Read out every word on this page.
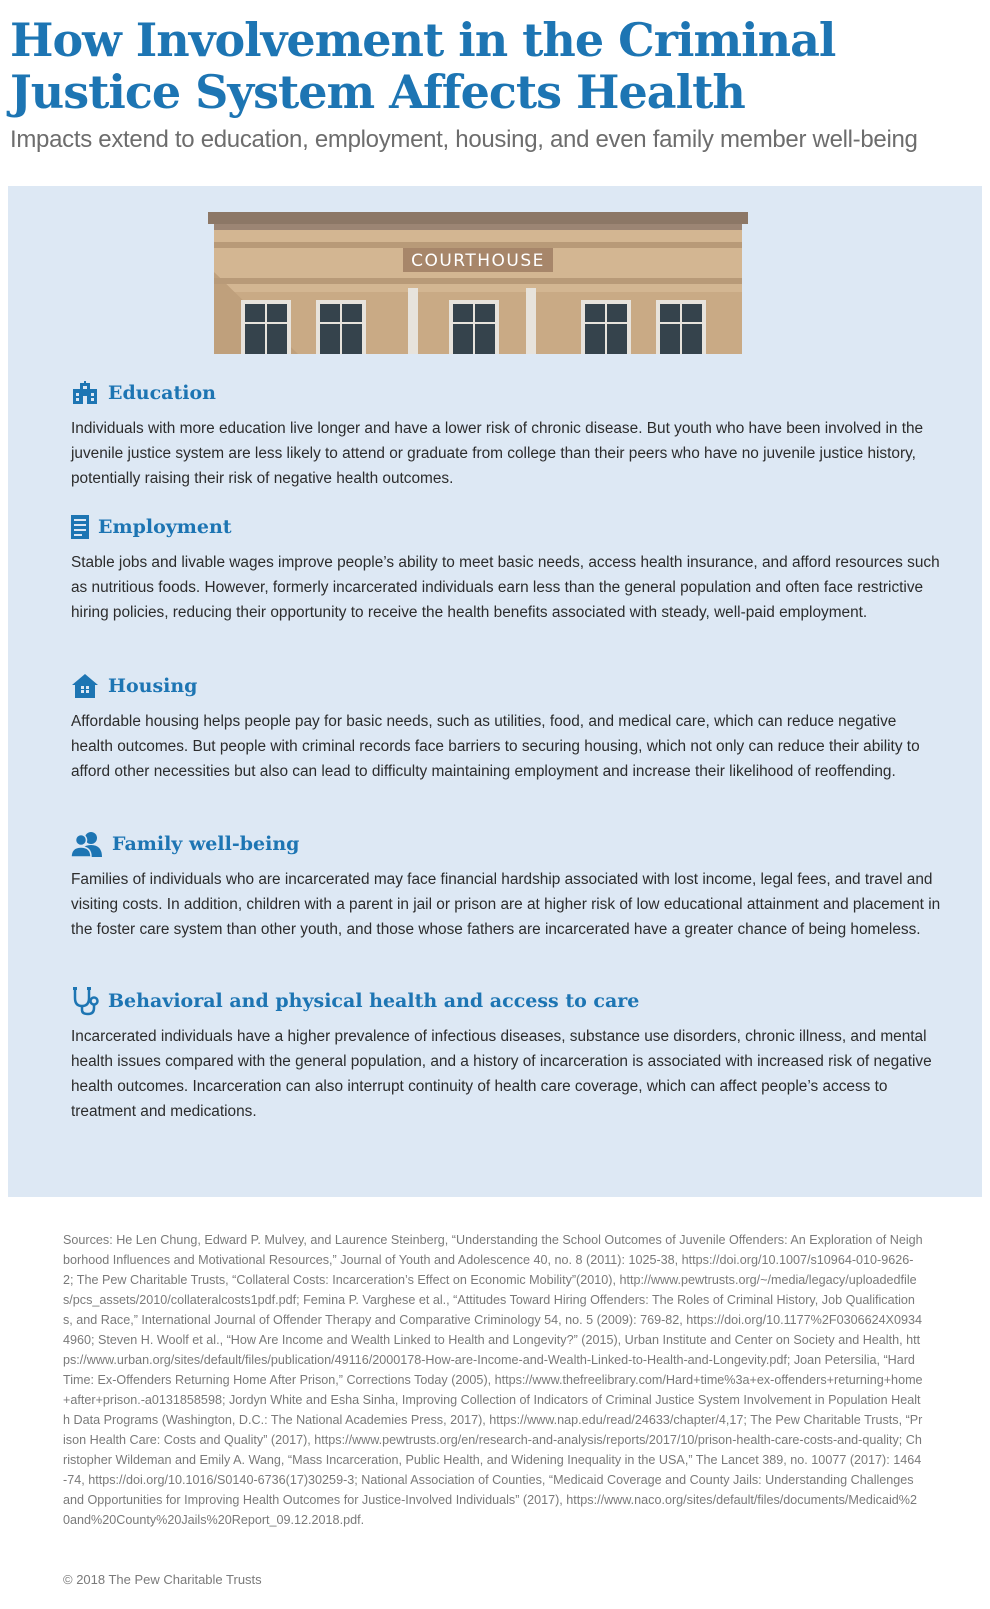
How Involvement in the Criminal Justice System Affects Health

Impacts extend to education, employment, housing, and even family member well-being

COURTHOUSE
Education
Individuals with more education live longer and have a lower risk of chronic disease. But youth who have been involved in the juvenile justice system are less likely to attend or graduate from college than their peers who have no juvenile justice history, potentially raising their risk of negative health outcomes.
Employment
Stable jobs and livable wages improve people’s ability to meet basic needs, access health insurance, and afford resources such as nutritious foods. However, formerly incarcerated individuals earn less than the general population and often face restrictive hiring policies, reducing their opportunity to receive the health benefits associated with steady, well-paid employment.
Housing
Affordable housing helps people pay for basic needs, such as utilities, food, and medical care, which can reduce negative health outcomes. But people with criminal records face barriers to securing housing, which not only can reduce their ability to afford other necessities but also can lead to difficulty maintaining employment and increase their likelihood of reoffending.
Family well-being
Families of individuals who are incarcerated may face financial hardship associated with lost income, legal fees, and travel and visiting costs. In addition, children with a parent in jail or prison are at higher risk of low educational attainment and placement in the foster care system than other youth, and those whose fathers are incarcerated have a greater chance of being homeless.
Behavioral and physical health and access to care
Incarcerated individuals have a higher prevalence of infectious diseases, substance use disorders, chronic illness, and mental health issues compared with the general population, and a history of incarceration is associated with increased risk of negative health outcomes. Incarceration can also interrupt continuity of health care coverage, which can affect people’s access to treatment and medications.
Sources: He Len Chung, Edward P. Mulvey, and Laurence Steinberg, “Understanding the School Outcomes of Juvenile Offenders: An Exploration of Neighborhood Influences and Motivational Resources,” Journal of Youth and Adolescence 40, no. 8 (2011): 1025-38, https://doi.org/10.1007/s10964-010-9626-2; The Pew Charitable Trusts, “Collateral Costs: Incarceration’s Effect on Economic Mobility”(2010), http://www.pewtrusts.org/~/media/legacy/uploadedfiles/pcs_assets/2010/collateralcosts1pdf.pdf; Femina P. Varghese et al., “Attitudes Toward Hiring Offenders: The Roles of Criminal History, Job Qualifications, and Race,” International Journal of Offender Therapy and Comparative Criminology 54, no. 5 (2009): 769-82, https://doi.org/10.1177%2F0306624X09344960; Steven H. Woolf et al., “How Are Income and Wealth Linked to Health and Longevity?” (2015), Urban Institute and Center on Society and Health, https://www.urban.org/sites/default/files/publication/49116/2000178-How-are-Income-and-Wealth-Linked-to-Health-and-Longevity.pdf; Joan Petersilia, “Hard Time: Ex-Offenders Returning Home After Prison,” Corrections Today (2005), https://www.thefreelibrary.com/Hard+time%3a+ex-offenders+returning+home+after+prison.-a0131858598; Jordyn White and Esha Sinha, Improving Collection of Indicators of Criminal Justice System Involvement in Population Health Data Programs (Washington, D.C.: The National Academies Press, 2017), https://www.nap.edu/read/24633/chapter/4,17; The Pew Charitable Trusts, “Prison Health Care: Costs and Quality” (2017), https://www.pewtrusts.org/en/research-and-analysis/reports/2017/10/prison-health-care-costs-and-quality; Christopher Wildeman and Emily A. Wang, “Mass Incarceration, Public Health, and Widening Inequality in the USA,” The Lancet 389, no. 10077 (2017): 1464-74, https://doi.org/10.1016/S0140-6736(17)30259-3; National Association of Counties, “Medicaid Coverage and County Jails: Understanding Challenges and Opportunities for Improving Health Outcomes for Justice-Involved Individuals” (2017), https://www.naco.org/sites/default/files/documents/Medicaid%20and%20County%20Jails%20Report_09.12.2018.pdf.
© 2018 The Pew Charitable Trusts
